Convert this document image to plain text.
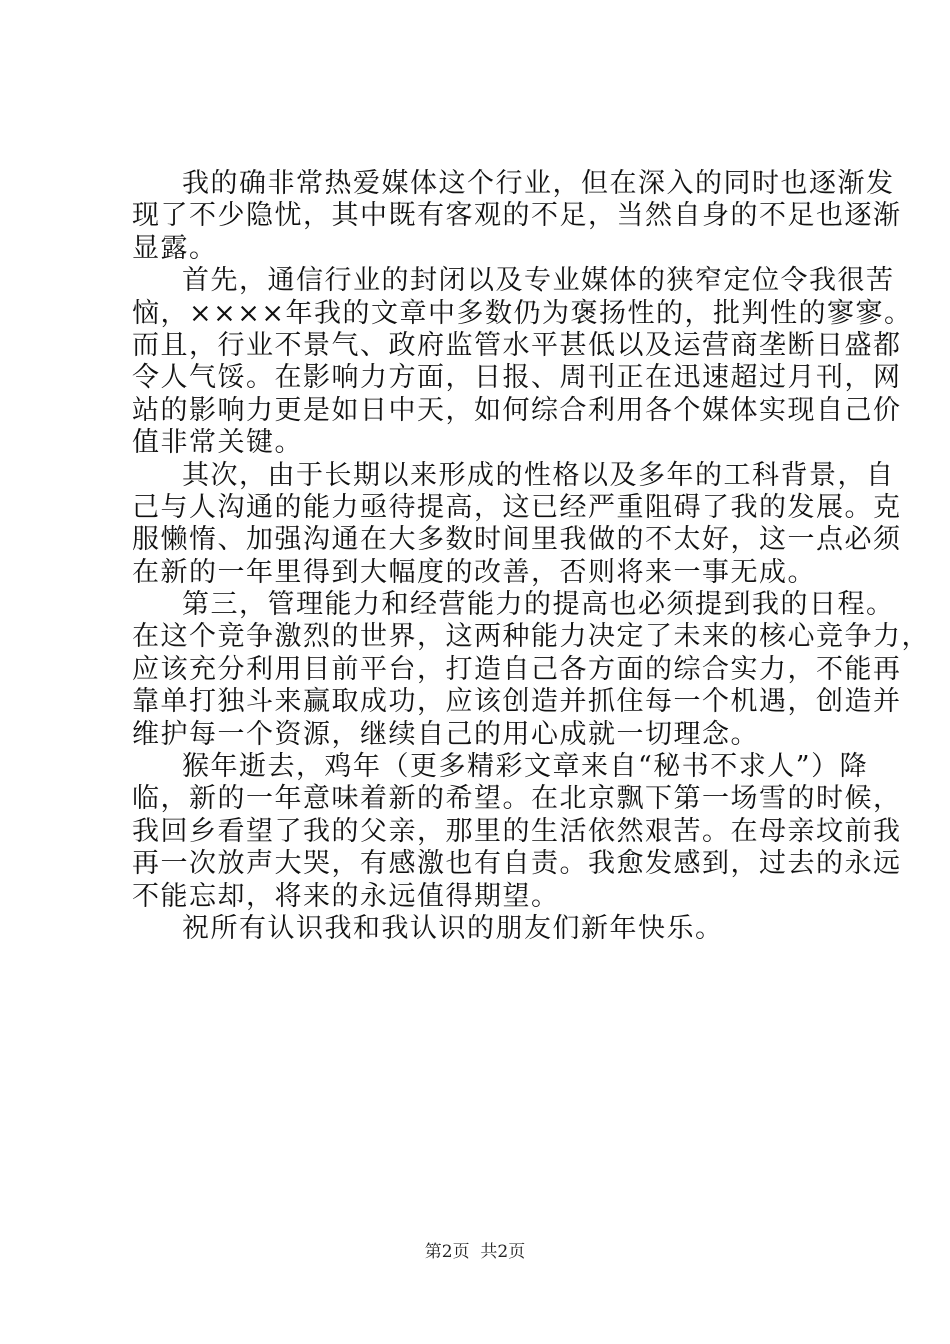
我的确非常热爱媒体这个行业，但在深入的同时也逐渐发
现了不少隐忧，其中既有客观的不足，当然自身的不足也逐渐
显露。
首先，通信行业的封闭以及专业媒体的狭窄定位令我很苦
恼，××××年我的文章中多数仍为褒扬性的，批判性的寥寥。
而且，行业不景气、政府监管水平甚低以及运营商垄断日盛都
令人气馁。在影响力方面，日报、周刊正在迅速超过月刊，网
站的影响力更是如日中天，如何综合利用各个媒体实现自己价
值非常关键。
其次，由于长期以来形成的性格以及多年的工科背景，自
己与人沟通的能力亟待提高，这已经严重阻碍了我的发展。克
服懒惰、加强沟通在大多数时间里我做的不太好，这一点必须
在新的一年里得到大幅度的改善，否则将来一事无成。
第三，管理能力和经营能力的提高也必须提到我的日程。
在这个竞争激烈的世界，这两种能力决定了未来的核心竞争力，
应该充分利用目前平台，打造自己各方面的综合实力，不能再
靠单打独斗来赢取成功，应该创造并抓住每一个机遇，创造并
维护每一个资源，继续自己的用心成就一切理念。
猴年逝去，鸡年（更多精彩文章来自“秘书不求人”）降
临，新的一年意味着新的希望。在北京飘下第一场雪的时候，
我回乡看望了我的父亲，那里的生活依然艰苦。在母亲坟前我
再一次放声大哭，有感激也有自责。我愈发感到，过去的永远
不能忘却，将来的永远值得期望。
祝所有认识我和我认识的朋友们新年快乐。
第2页  共2页
